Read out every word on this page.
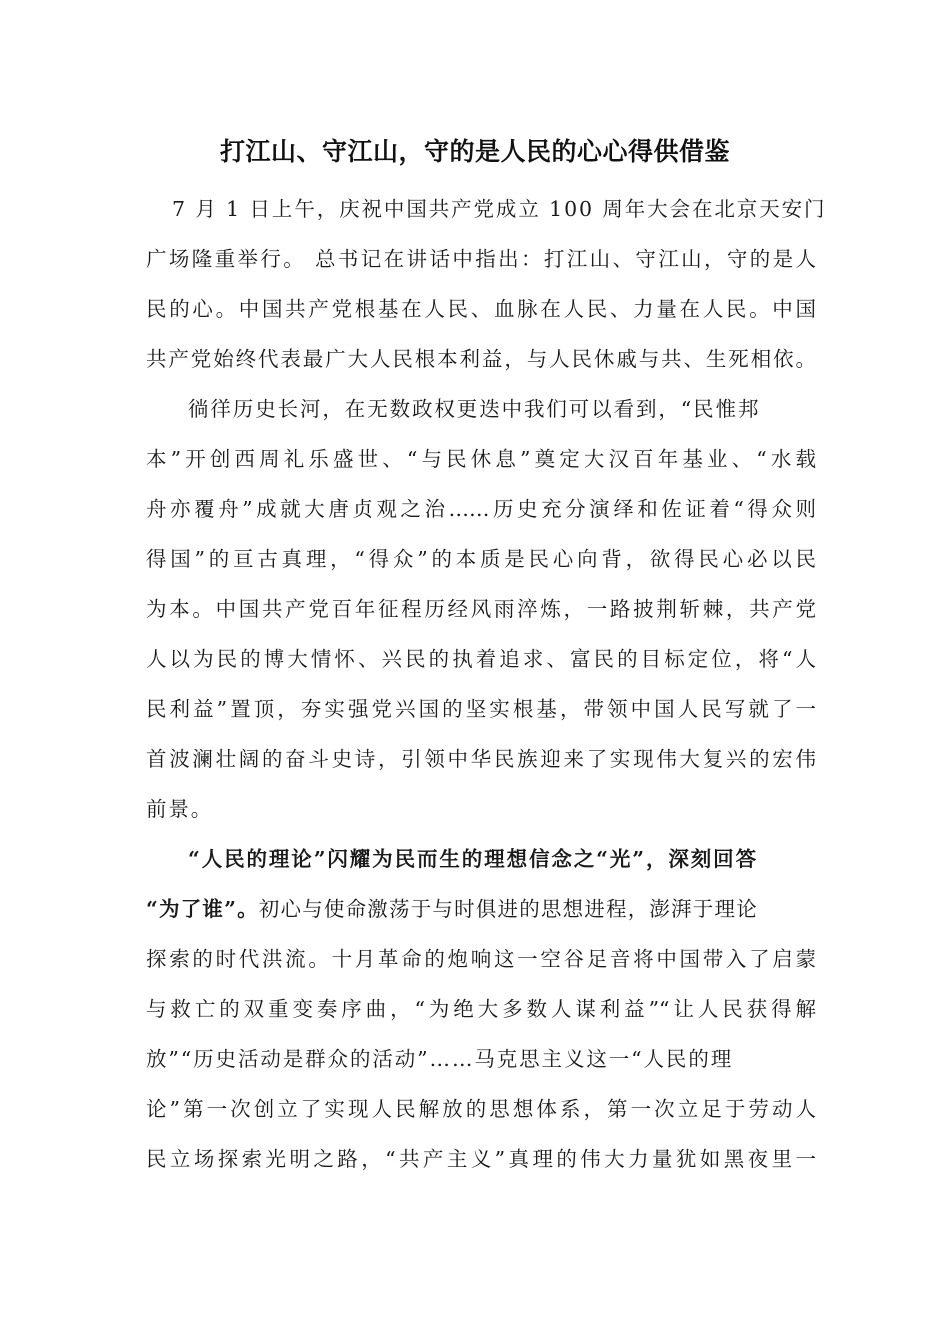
打江山、守江山，守的是人民的心心得供借鉴
7 月 1 日上午，庆祝中国共产党成立 100 周年大会在北京天安门
广场隆重举行。 总书记在讲话中指出：打江山、守江山，守的是人
民的心。中国共产党根基在人民、血脉在人民、力量在人民。中国
共产党始终代表最广大人民根本利益，与人民休戚与共、生死相依。
徜徉历史长河，在无数政权更迭中我们可以看到，“民惟邦
本”开创西周礼乐盛世、“与民休息”奠定大汉百年基业、“水载
舟亦覆舟”成就大唐贞观之治……历史充分演绎和佐证着“得众则
得国”的亘古真理，“得众”的本质是民心向背，欲得民心必以民
为本。中国共产党百年征程历经风雨淬炼，一路披荆斩棘，共产党
人以为民的博大情怀、兴民的执着追求、富民的目标定位，将“人
民利益”置顶，夯实强党兴国的坚实根基，带领中国人民写就了一
首波澜壮阔的奋斗史诗，引领中华民族迎来了实现伟大复兴的宏伟
前景。
“人民的理论”闪耀为民而生的理想信念之“光”，深刻回答
“为了谁”。初心与使命激荡于与时俱进的思想进程，澎湃于理论
探索的时代洪流。十月革命的炮响这一空谷足音将中国带入了启蒙
与救亡的双重变奏序曲，“为绝大多数人谋利益”“让人民获得解
放”“历史活动是群众的活动”……马克思主义这一“人民的理
论”第一次创立了实现人民解放的思想体系，第一次立足于劳动人
民立场探索光明之路，“共产主义”真理的伟大力量犹如黑夜里一
